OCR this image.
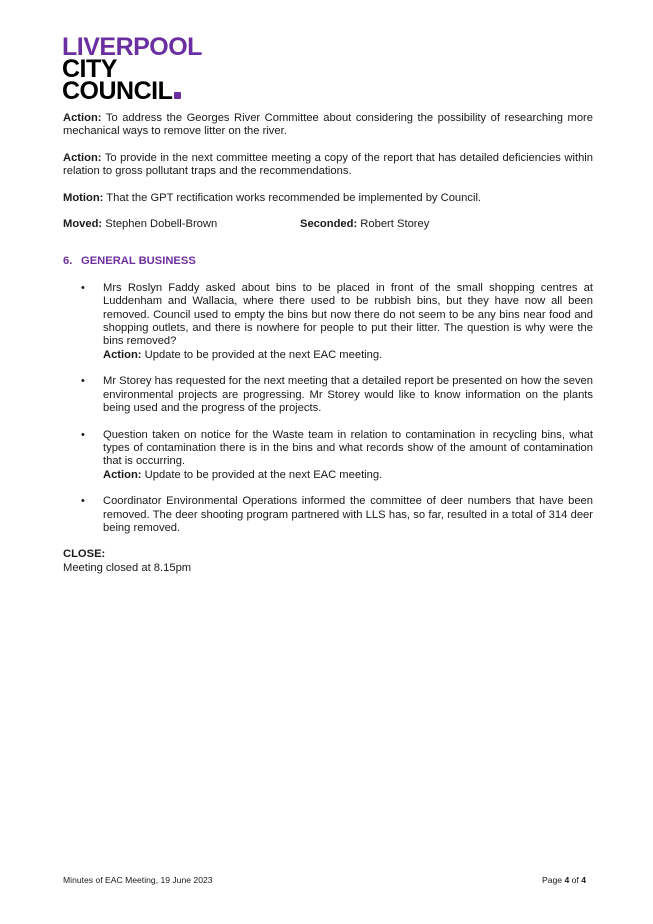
LIVERPOOL
CITY
COUNCIL

Action: To address the Georges River Committee about considering the possibility of researching more mechanical ways to remove litter on the river.

Action: To provide in the next committee meeting a copy of the report that has detailed deficiencies within relation to gross pollutant traps and the recommendations.

Motion: That the GPT rectification works recommended be implemented by Council.

Moved: Stephen Dobell-Brown	Seconded: Robert Storey

6. GENERAL BUSINESS

• Mrs Roslyn Faddy asked about bins to be placed in front of the small shopping centres at Luddenham and Wallacia, where there used to be rubbish bins, but they have now all been removed. Council used to empty the bins but now there do not seem to be any bins near food and shopping outlets, and there is nowhere for people to put their litter. The question is why were the bins removed?

Action: Update to be provided at the next EAC meeting.

• Mr Storey has requested for the next meeting that a detailed report be presented on how the seven environmental projects are progressing. Mr Storey would like to know information on the plants being used and the progress of the projects.

• Question taken on notice for the Waste team in relation to contamination in recycling bins, what types of contamination there is in the bins and what records show of the amount of contamination that is occurring.

Action: Update to be provided at the next EAC meeting.

• Coordinator Environmental Operations informed the committee of deer numbers that have been removed. The deer shooting program partnered with LLS has, so far, resulted in a total of 314 deer being removed.

CLOSE:

Meeting closed at 8.15pm

Minutes of EAC Meeting, 19 June 2023	Page 4 of 4
